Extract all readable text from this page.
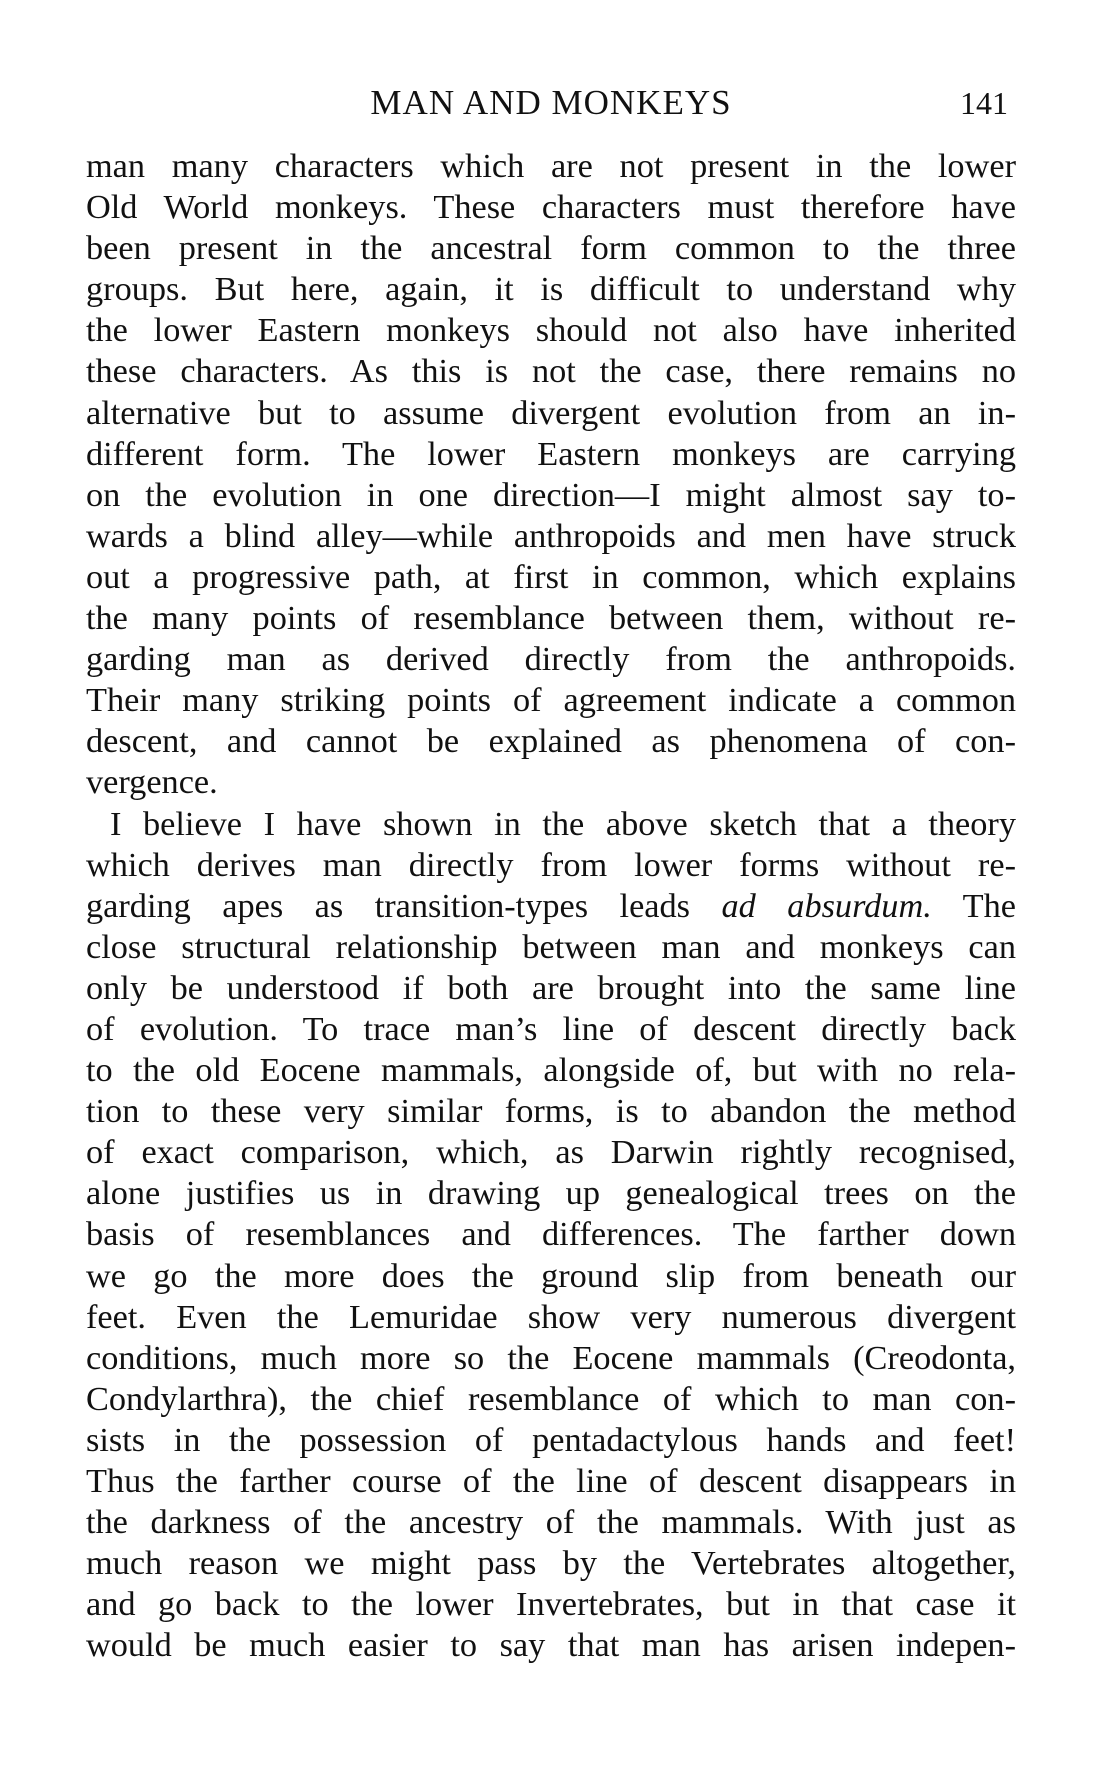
MAN AND MONKEYS	141
man many characters which are not present in the lower
Old World monkeys. These characters must therefore have
been present in the ancestral form common to the three
groups. But here, again, it is difficult to understand why
the lower Eastern monkeys should not also have inherited
these characters. As this is not the case, there remains no
alternative but to assume divergent evolution from an in-
different form. The lower Eastern monkeys are carrying
on the evolution in one direction—I might almost say to-
wards a blind alley—while anthropoids and men have struck
out a progressive path, at first in common, which explains
the many points of resemblance between them, without re-
garding man as derived directly from the anthropoids.
Their many striking points of agreement indicate a common
descent, and cannot be explained as phenomena of con-
vergence.
I believe I have shown in the above sketch that a theory
which derives man directly from lower forms without re-
garding apes as transition-types leads ad absurdum. The
close structural relationship between man and monkeys can
only be understood if both are brought into the same line
of evolution. To trace man’s line of descent directly back
to the old Eocene mammals, alongside of, but with no rela-
tion to these very similar forms, is to abandon the method
of exact comparison, which, as Darwin rightly recognised,
alone justifies us in drawing up genealogical trees on the
basis of resemblances and differences. The farther down
we go the more does the ground slip from beneath our
feet. Even the Lemuridae show very numerous divergent
conditions, much more so the Eocene mammals (Creodonta,
Condylarthra), the chief resemblance of which to man con-
sists in the possession of pentadactylous hands and feet!
Thus the farther course of the line of descent disappears in
the darkness of the ancestry of the mammals. With just as
much reason we might pass by the Vertebrates altogether,
and go back to the lower Invertebrates, but in that case it
would be much easier to say that man has arisen indepen-
